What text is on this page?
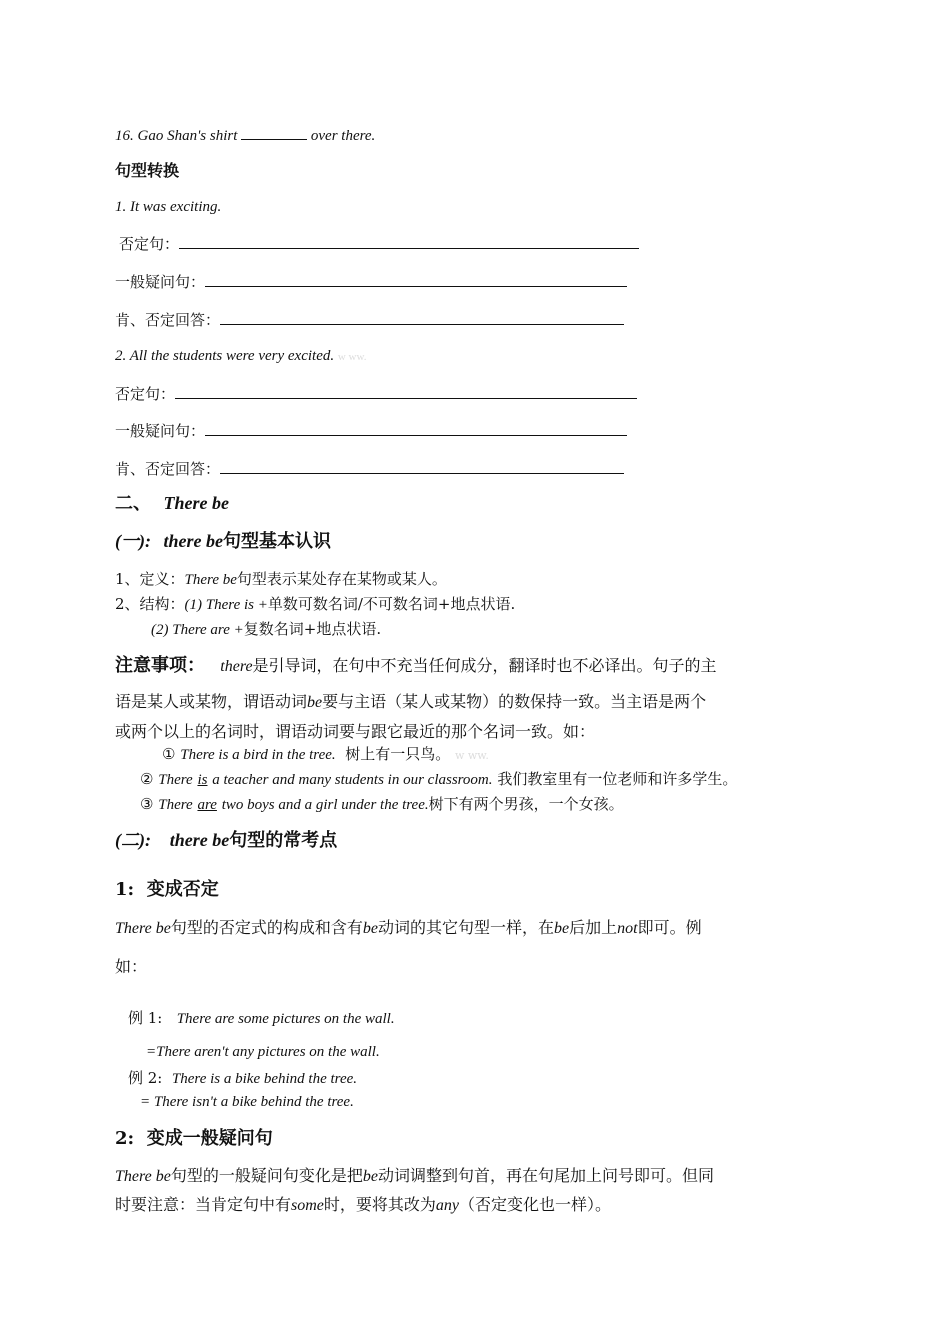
16. Gao Shan's shirt	over there.
句型转换
1. It was exciting.
否定句：
一般疑问句：
肯、否定回答：
2. All the students were very excited. w ww.
否定句：
一般疑问句：
肯、否定回答：
二、 There be
(一): there be句型基本认识
1、定义：There be句型表示某处存在某物或某人。
2、结构：(1) There is +单数可数名词/不可数名词+地点状语.
(2) There are +复数名词+地点状语.
注意事项： there是引导词，在句中不充当任何成分，翻译时也不必译出。句子的主
语是某人或某物，谓语动词be要与主语（某人或某物）的数保持一致。当主语是两个
或两个以上的名词时，谓语动词要与跟它最近的那个名词一致。如：
① There is a bird in the tree. 树上有一只鸟。 w ww.
② There is a teacher and many students in our classroom. 我们教室里有一位老师和许多学生。
③ There are two boys and a girl under the tree.树下有两个男孩，一个女孩。
(二): there be句型的常考点
1: 变成否定
There be句型的否定式的构成和含有be动词的其它句型一样，在be后加上not即可。例
如：
例 1: There are some pictures on the wall.
=There aren't any pictures on the wall.
例 2: There is a bike behind the tree.
= There isn't a bike behind the tree.
2: 变成一般疑问句
There be句型的一般疑问句变化是把be动词调整到句首，再在句尾加上问号即可。但同
时要注意：当肯定句中有some时，要将其改为any（否定变化也一样）。
